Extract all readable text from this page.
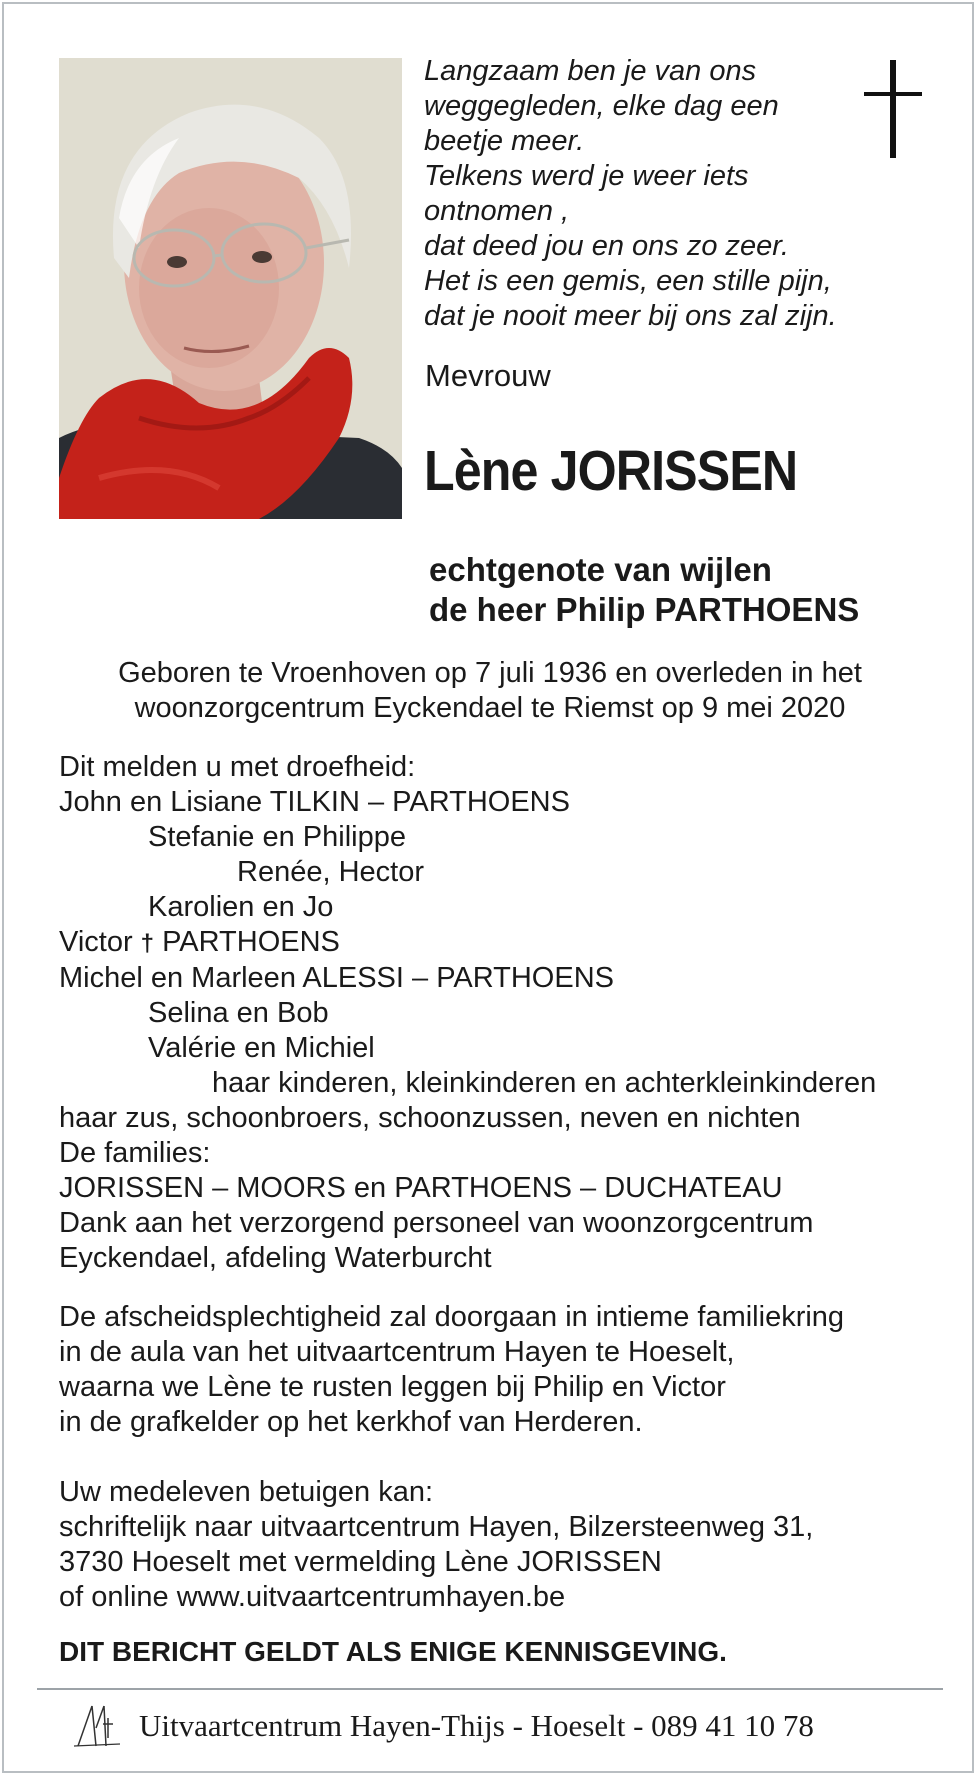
Langzaam ben je van ons
weggegleden, elke dag een
beetje meer.
Telkens werd je weer iets
ontnomen ,
dat deed jou en ons zo zeer.
Het is een gemis, een stille pijn,
dat je nooit meer bij ons zal zijn.
Mevrouw
Lène JORISSEN
echtgenote van wijlen
de heer Philip PARTHOENS
Geboren te Vroenhoven op 7 juli 1936 en overleden in het
woonzorgcentrum Eyckendael te Riemst op 9 mei 2020
Dit melden u met droefheid:
John en Lisiane TILKIN – PARTHOENS
Stefanie en Philippe
Renée, Hector
Karolien en Jo
Victor † PARTHOENS
Michel en Marleen ALESSI – PARTHOENS
Selina en Bob
Valérie en Michiel
haar kinderen, kleinkinderen en achterkleinkinderen
haar zus, schoonbroers, schoonzussen, neven en nichten
De families:
JORISSEN – MOORS en PARTHOENS – DUCHATEAU
Dank aan het verzorgend personeel van woonzorgcentrum
Eyckendael, afdeling Waterburcht
De afscheidsplechtigheid zal doorgaan in intieme familiekring
in de aula van het uitvaartcentrum Hayen te Hoeselt,
waarna we Lène te rusten leggen bij Philip en Victor
in de grafkelder op het kerkhof van Herderen.
Uw medeleven betuigen kan:
schriftelijk naar uitvaartcentrum Hayen, Bilzersteenweg 31,
3730 Hoeselt met vermelding Lène JORISSEN
of online www.uitvaartcentrumhayen.be
DIT BERICHT GELDT ALS ENIGE KENNISGEVING.
Uitvaartcentrum Hayen-Thijs - Hoeselt - 089 41 10 78
